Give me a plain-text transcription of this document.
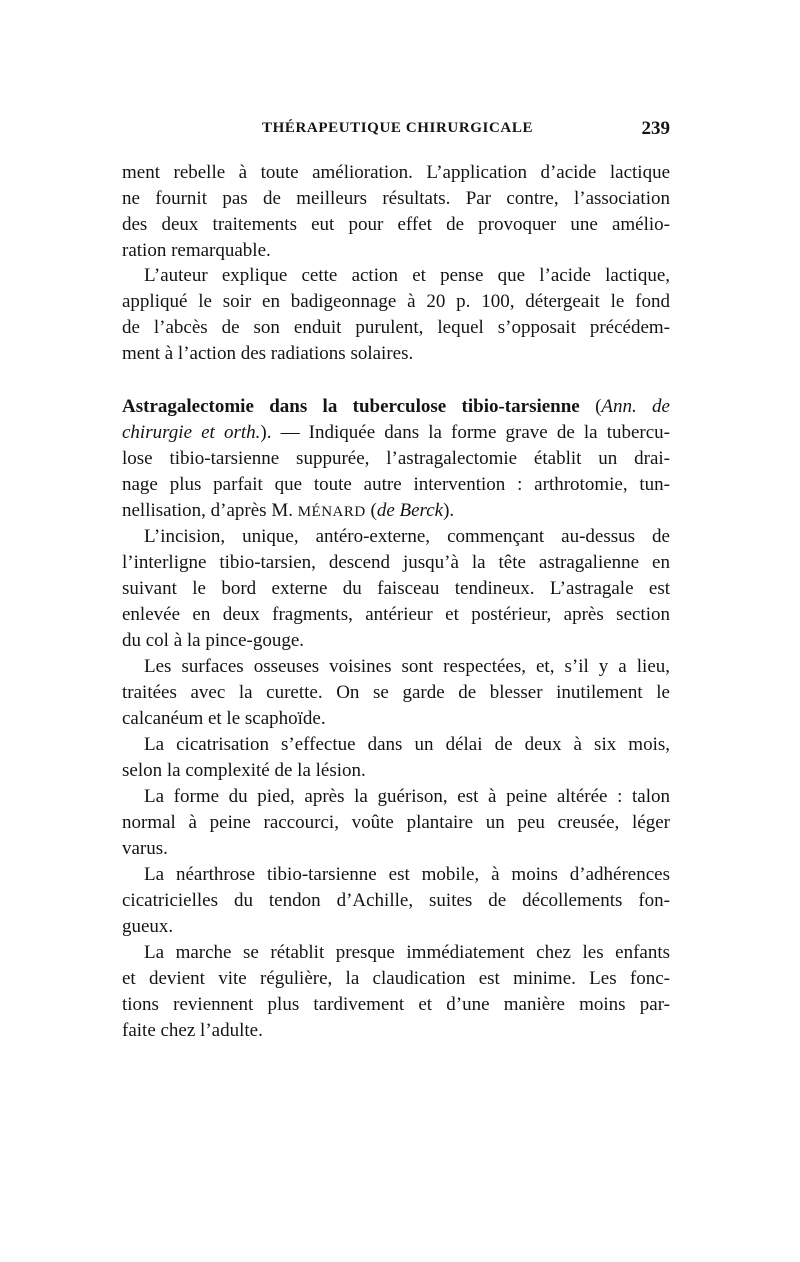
THÉRAPEUTIQUE CHIRURGICALE	239
ment rebelle à toute amélioration. L’application d’acide lactique
ne fournit pas de meilleurs résultats. Par contre, l’association
des deux traitements eut pour effet de provoquer une amélio-
ration remarquable.
L’auteur explique cette action et pense que l’acide lactique,
appliqué le soir en badigeonnage à 20 p. 100, détergeait le fond
de l’abcès de son enduit purulent, lequel s’opposait précédem-
ment à l’action des radiations solaires.
Astragalectomie dans la tuberculose tibio-tarsienne (Ann. de
chirurgie et orth.). — Indiquée dans la forme grave de la tubercu-
lose tibio-tarsienne suppurée, l’astragalectomie établit un drai-
nage plus parfait que toute autre intervention : arthrotomie, tun-
nellisation, d’après M. MÉNARD (de Berck).
L’incision, unique, antéro-externe, commençant au-dessus de
l’interligne tibio-tarsien, descend jusqu’à la tête astragalienne en
suivant le bord externe du faisceau tendineux. L’astragale est
enlevée en deux fragments, antérieur et postérieur, après section
du col à la pince-gouge.
Les surfaces osseuses voisines sont respectées, et, s’il y a lieu,
traitées avec la curette. On se garde de blesser inutilement le
calcanéum et le scaphoïde.
La cicatrisation s’effectue dans un délai de deux à six mois,
selon la complexité de la lésion.
La forme du pied, après la guérison, est à peine altérée : talon
normal à peine raccourci, voûte plantaire un peu creusée, léger
varus.
La néarthrose tibio-tarsienne est mobile, à moins d’adhérences
cicatricielles du tendon d’Achille, suites de décollements fon-
gueux.
La marche se rétablit presque immédiatement chez les enfants
et devient vite régulière, la claudication est minime. Les fonc-
tions reviennent plus tardivement et d’une manière moins par-
faite chez l’adulte.
